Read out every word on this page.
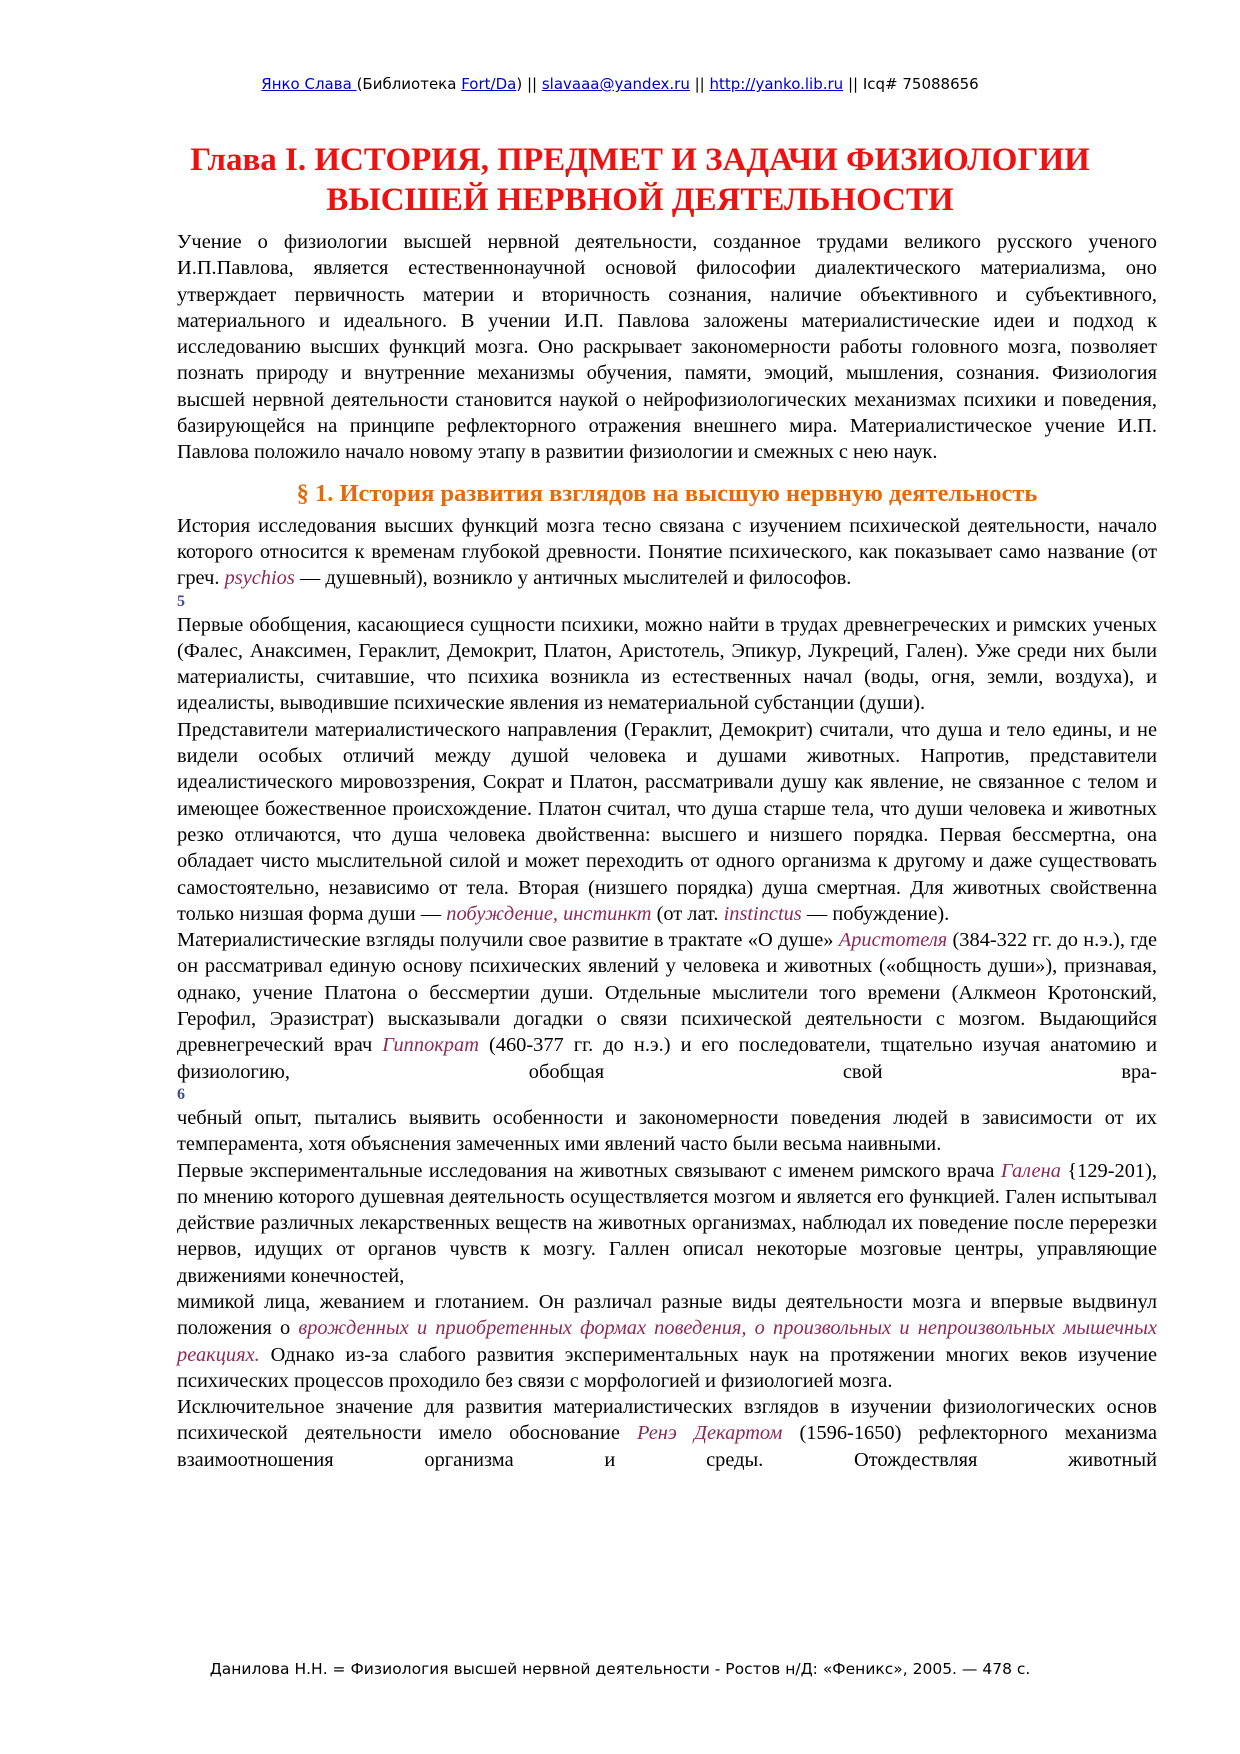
Янко Слава (Библиотека Fort/Da) || slavaaa@yandex.ru || http://yanko.lib.ru || Icq# 75088656
Глава I. ИСТОРИЯ, ПРЕДМЕТ И ЗАДАЧИ ФИЗИОЛОГИИ ВЫСШЕЙ НЕРВНОЙ ДЕЯТЕЛЬНОСТИ

Учение о физиологии высшей нервной деятельности, созданное трудами великого русского ученого И.П.Павлова, является естественнонаучной основой философии диалектического материализма, оно утверждает первичность материи и вторичность сознания, наличие объективного и субъективного, материального и идеального. В учении И.П. Павлова заложены материалистические идеи и подход к исследованию высших функций мозга. Оно раскрывает закономерности работы головного мозга, позволяет познать природу и внутренние механизмы обучения, памяти, эмоций, мышления, сознания. Физиология высшей нервной деятельности становится наукой о нейрофизиологических механизмах психики и поведения, базирующейся на принципе рефлекторного отражения внешнего мира. Материалистическое учение И.П. Павлова положило начало новому этапу в развитии физиологии и смежных с нею наук.

§ 1. История развития взглядов на высшую нервную деятельность

История исследования высших функций мозга тесно связана с изучением психической деятельности, начало которого относится к временам глубокой древности. Понятие психического, как показывает само название (от греч. psychios — душевный), возникло у античных мыслителей и философов.

5

Первые обобщения, касающиеся сущности психики, можно найти в трудах древнегреческих и римских ученых (Фалес, Анаксимен, Гераклит, Демокрит, Платон, Аристотель, Эпикур, Лукреций, Гален). Уже среди них были материалисты, считавшие, что психика возникла из естественных начал (воды, огня, земли, воздуха), и идеалисты, выводившие психические явления из нематериальной субстанции (души).

Представители материалистического направления (Гераклит, Демокрит) считали, что душа и тело едины, и не видели особых отличий между душой человека и душами животных. Напротив, представители идеалистического мировоззрения, Сократ и Платон, рассматривали душу как явление, не связанное с телом и имеющее божественное происхождение. Платон считал, что душа старше тела, что души человека и животных резко отличаются, что душа человека двойственна: высшего и низшего порядка. Первая бессмертна, она обладает чисто мыслительной силой и может переходить от одного организма к другому и даже существовать самостоятельно, независимо от тела. Вторая (низшего порядка) душа смертная. Для животных свойственна только низшая форма души — побуждение, инстинкт (от лат. instinctus — побуждение).

Материалистические взгляды получили свое развитие в трактате «О душе» Аристотеля (384-322 гг. до н.э.), где он рассматривал единую основу психических явлений у человека и животных («общность души»), признавая, однако, учение Платона о бессмертии души. Отдельные мыслители того времени (Алкмеон Кротонский, Герофил, Эразистрат) высказывали догадки о связи психической деятельности с мозгом. Выдающийся древнегреческий врач Гиппократ (460-377 гг. до н.э.) и его последователи, тщательно изучая анатомию и физиологию, обобщая свой вра-

6

чебный опыт, пытались выявить особенности и закономерности поведения людей в зависимости от их темперамента, хотя объяснения замеченных ими явлений часто были весьма наивными.

Первые экспериментальные исследования на животных связывают с именем римского врача Галена {129-201), по мнению которого душевная деятельность осуществляется мозгом и является его функцией. Гален испытывал действие различных лекарственных веществ на животных организмах, наблюдал их поведение после перерезки нервов, идущих от органов чувств к мозгу. Галлен описал некоторые мозговые центры, управляющие движениями конечностей,

мимикой лица, жеванием и глотанием. Он различал разные виды деятельности мозга и впервые выдвинул положения о врожденных и приобретенных формах поведения, о произвольных и непроизвольных мышечных реакциях. Однако из-за слабого развития экспериментальных наук на протяжении многих веков изучение психических процессов проходило без связи с морфологией и физиологией мозга.

Исключительное значение для развития материалистических взглядов в изучении физиологических основ психической деятельности имело обоснование Ренэ Декартом (1596-1650) рефлекторного механизма взаимоотношения организма и среды. Отождествляя животный

Данилова Н.Н. = Физиология высшей нервной деятельности - Ростов н/Д: «Феникс», 2005. — 478 с.
